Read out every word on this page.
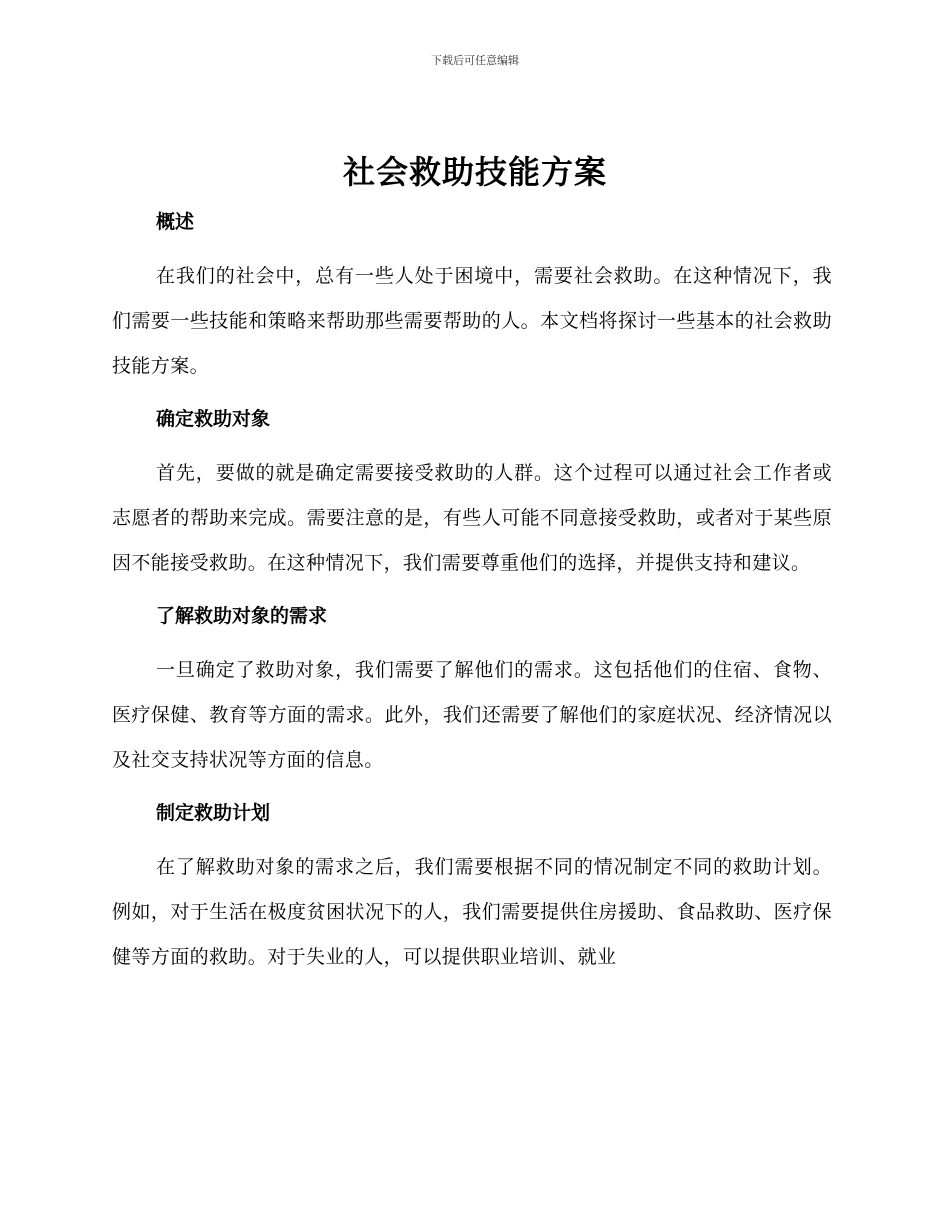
下载后可任意编辑
社会救助技能方案
概述

在我们的社会中，总有一些人处于困境中，需要社会救助。在这种情况下，我们需要一些技能和策略来帮助那些需要帮助的人。本文档将探讨一些基本的社会救助技能方案。

确定救助对象

首先，要做的就是确定需要接受救助的人群。这个过程可以通过社会工作者或志愿者的帮助来完成。需要注意的是，有些人可能不同意接受救助，或者对于某些原因不能接受救助。在这种情况下，我们需要尊重他们的选择，并提供支持和建议。

了解救助对象的需求

一旦确定了救助对象，我们需要了解他们的需求。这包括他们的住宿、食物、医疗保健、教育等方面的需求。此外，我们还需要了解他们的家庭状况、经济情况以及社交支持状况等方面的信息。

制定救助计划

在了解救助对象的需求之后，我们需要根据不同的情况制定不同的救助计划。例如，对于生活在极度贫困状况下的人，我们需要提供住房援助、食品救助、医疗保健等方面的救助。对于失业的人，可以提供职业培训、就业
